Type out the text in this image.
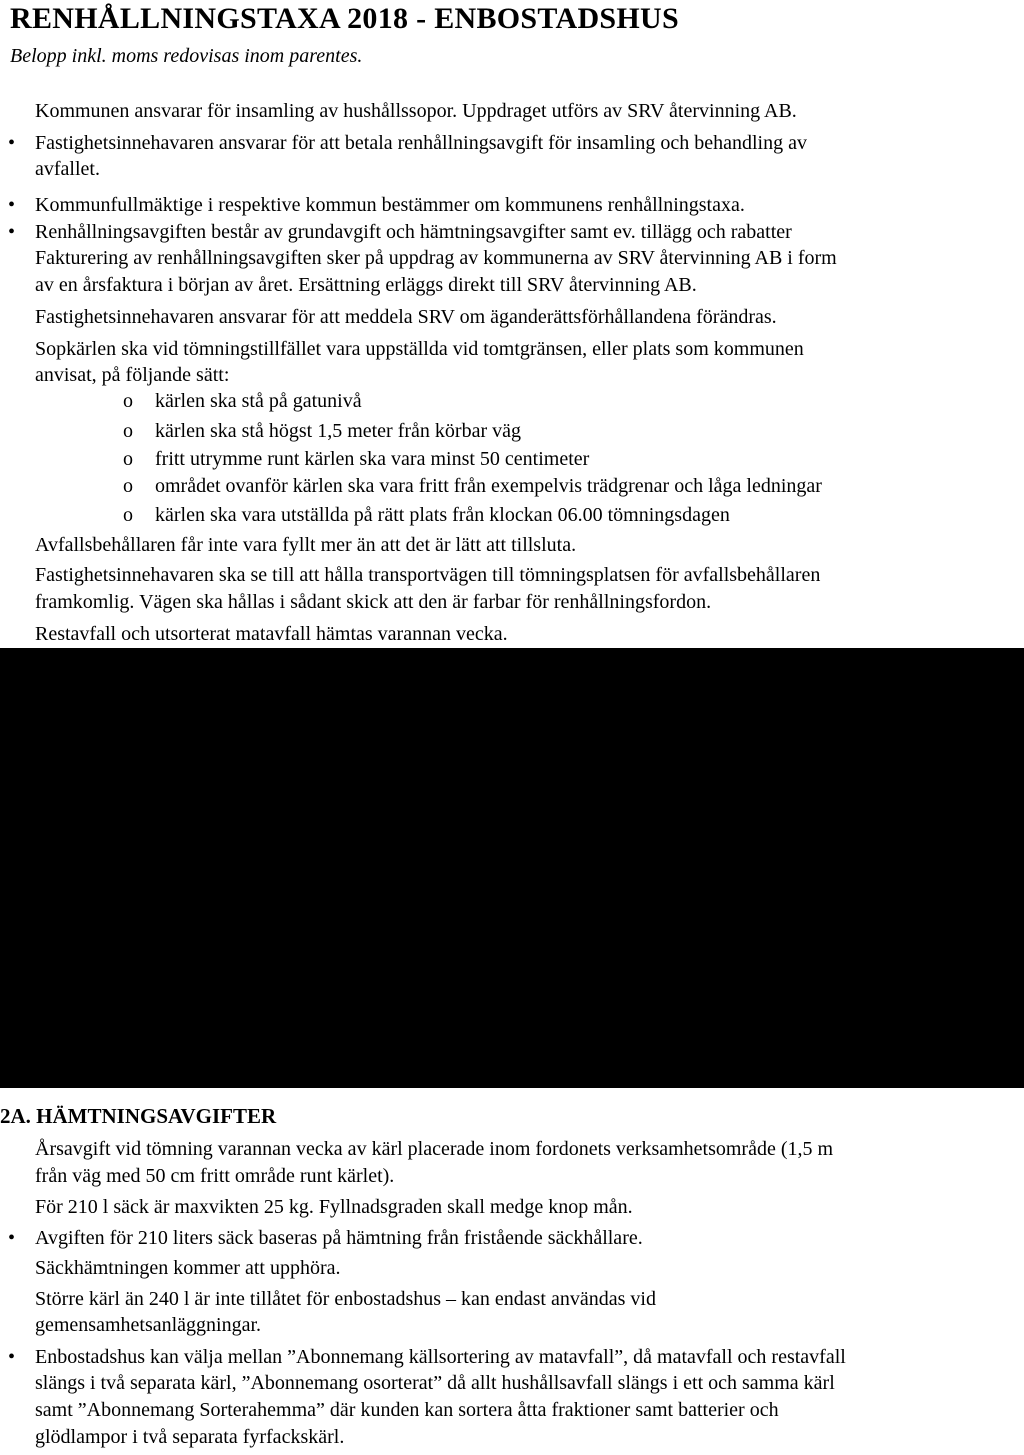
RENHÅLLNINGSTAXA 2018 - ENBOSTADSHUS

Belopp inkl. moms redovisas inom parentes.

Kommunen ansvarar för insamling av hushållssopor. Uppdraget utförs av SRV återvinning AB.

• Fastighetsinnehavaren ansvarar för att betala renhållningsavgift för insamling och behandling av

avfallet.

• Kommunfullmäktige i respektive kommun bestämmer om kommunens renhållningstaxa.

• Renhållningsavgiften består av grundavgift och hämtningsavgifter samt ev. tillägg och rabatter

Fakturering av renhållningsavgiften sker på uppdrag av kommunerna av SRV återvinning AB i form

av en årsfaktura i början av året. Ersättning erläggs direkt till SRV återvinning AB.

Fastighetsinnehavaren ansvarar för att meddela SRV om äganderättsförhållandena förändras.

Sopkärlen ska vid tömningstillfället vara uppställda vid tomtgränsen, eller plats som kommunen

anvisat, på följande sätt:

o kärlen ska stå på gatunivå

o kärlen ska stå högst 1,5 meter från körbar väg

o fritt utrymme runt kärlen ska vara minst 50 centimeter

o området ovanför kärlen ska vara fritt från exempelvis trädgrenar och låga ledningar

o kärlen ska vara utställda på rätt plats från klockan 06.00 tömningsdagen

Avfallsbehållaren får inte vara fyllt mer än att det är lätt att tillsluta.

Fastighetsinnehavaren ska se till att hålla transportvägen till tömningsplatsen för avfallsbehållaren

framkomlig. Vägen ska hållas i sådant skick att den är farbar för renhållningsfordon.

Restavfall och utsorterat matavfall hämtas varannan vecka.

2A. HÄMTNINGSAVGIFTER

Årsavgift vid tömning varannan vecka av kärl placerade inom fordonets verksamhetsområde (1,5 m

från väg med 50 cm fritt område runt kärlet).

För 210 l säck är maxvikten 25 kg. Fyllnadsgraden skall medge knop mån.

• Avgiften för 210 liters säck baseras på hämtning från fristående säckhållare.

Säckhämtningen kommer att upphöra.

Större kärl än 240 l är inte tillåtet för enbostadshus – kan endast användas vid

gemensamhetsanläggningar.

• Enbostadshus kan välja mellan ”Abonnemang källsortering av matavfall”, då matavfall och restavfall

slängs i två separata kärl, ”Abonnemang osorterat” då allt hushållsavfall slängs i ett och samma kärl

samt ”Abonnemang Sorterahemma” där kunden kan sortera åtta fraktioner samt batterier och

glödlampor i två separata fyrfackskärl.
